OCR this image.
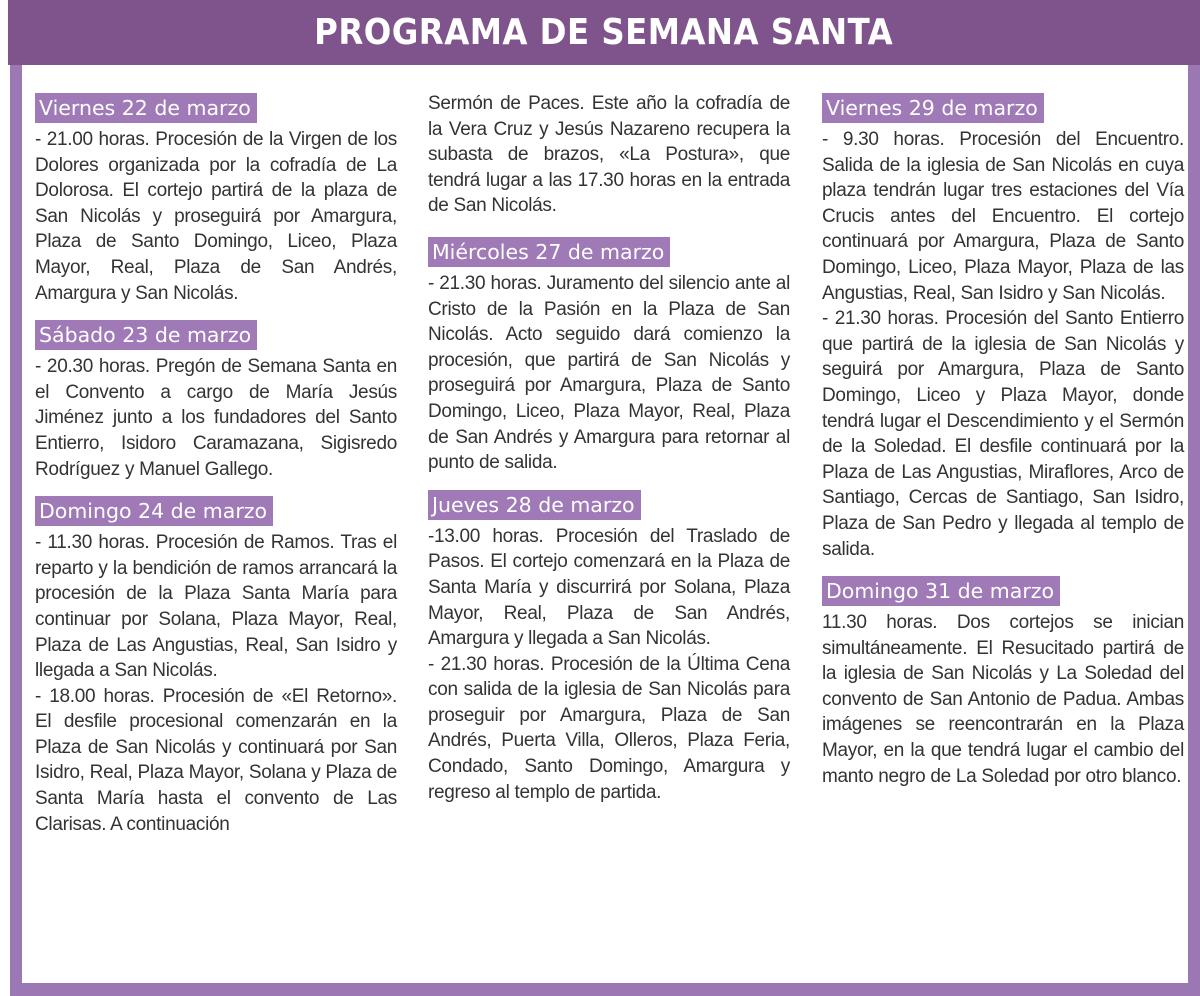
PROGRAMA DE SEMANA SANTA
Viernes 22 de marzo

- 21.00 horas. Procesión de la Virgen de los Dolores organizada por la cofradía de La Dolorosa. El cortejo partirá de la plaza de San Nicolás y proseguirá por Amargura, Plaza de Santo Domingo, Liceo, Plaza Mayor, Real, Plaza de San Andrés, Amargura y San Nicolás.

Sábado 23 de marzo

- 20.30 horas. Pregón de Semana Santa en el Convento a cargo de María Jesús Jiménez junto a los fundadores del Santo Entierro, Isidoro Caramazana, Sigisredo Rodríguez y Manuel Gallego.

Domingo 24 de marzo

- 11.30 horas. Procesión de Ramos. Tras el reparto y la bendición de ramos arrancará la procesión de la Plaza Santa María para continuar por Solana, Plaza Mayor, Real, Plaza de Las Angustias, Real, San Isidro y llegada a San Nicolás.

- 18.00 horas. Procesión de «El Retorno». El desfile procesional comenzarán en la Plaza de San Nicolás y continuará por San Isidro, Real, Plaza Mayor, Solana y Plaza de Santa María hasta el convento de Las Clarisas. A continuación

Sermón de Paces. Este año la cofradía de la Vera Cruz y Jesús Nazareno recupera la subasta de brazos, «La Postura», que tendrá lugar a las 17.30 horas en la entrada de San Nicolás.

Miércoles 27 de marzo

- 21.30 horas. Juramento del silencio ante al Cristo de la Pasión en la Plaza de San Nicolás. Acto seguido dará comienzo la procesión, que partirá de San Nicolás y proseguirá por Amargura, Plaza de Santo Domingo, Liceo, Plaza Mayor, Real, Plaza de San Andrés y Amargura para retornar al punto de salida.

Jueves 28 de marzo

-13.00 horas. Procesión del Traslado de Pasos. El cortejo comenzará en la Plaza de Santa María y discurrirá por Solana, Plaza Mayor, Real, Plaza de San Andrés, Amargura y llegada a San Nicolás.

- 21.30 horas. Procesión de la Última Cena con salida de la iglesia de San Nicolás para proseguir por Amargura, Plaza de San Andrés, Puerta Villa, Olleros, Plaza Feria, Condado, Santo Domingo, Amargura y regreso al templo de partida.

Viernes 29 de marzo

- 9.30 horas. Procesión del Encuentro. Salida de la iglesia de San Nicolás en cuya plaza tendrán lugar tres estaciones del Vía Crucis antes del Encuentro. El cortejo continuará por Amargura, Plaza de Santo Domingo, Liceo, Plaza Mayor, Plaza de las Angustias, Real, San Isidro y San Nicolás.

- 21.30 horas. Procesión del Santo Entierro que partirá de la iglesia de San Nicolás y seguirá por Amargura, Plaza de Santo Domingo, Liceo y Plaza Mayor, donde tendrá lugar el Descendimiento y el Sermón de la Soledad. El desfile continuará por la Plaza de Las Angustias, Miraflores, Arco de Santiago, Cercas de Santiago, San Isidro, Plaza de San Pedro y llegada al templo de salida.

Domingo 31 de marzo

11.30 horas. Dos cortejos se inician simultáneamente. El Resucitado partirá de la iglesia de San Nicolás y La Soledad del convento de San Antonio de Padua. Ambas imágenes se reencontrarán en la Plaza Mayor, en la que tendrá lugar el cambio del manto negro de La Soledad por otro blanco.
